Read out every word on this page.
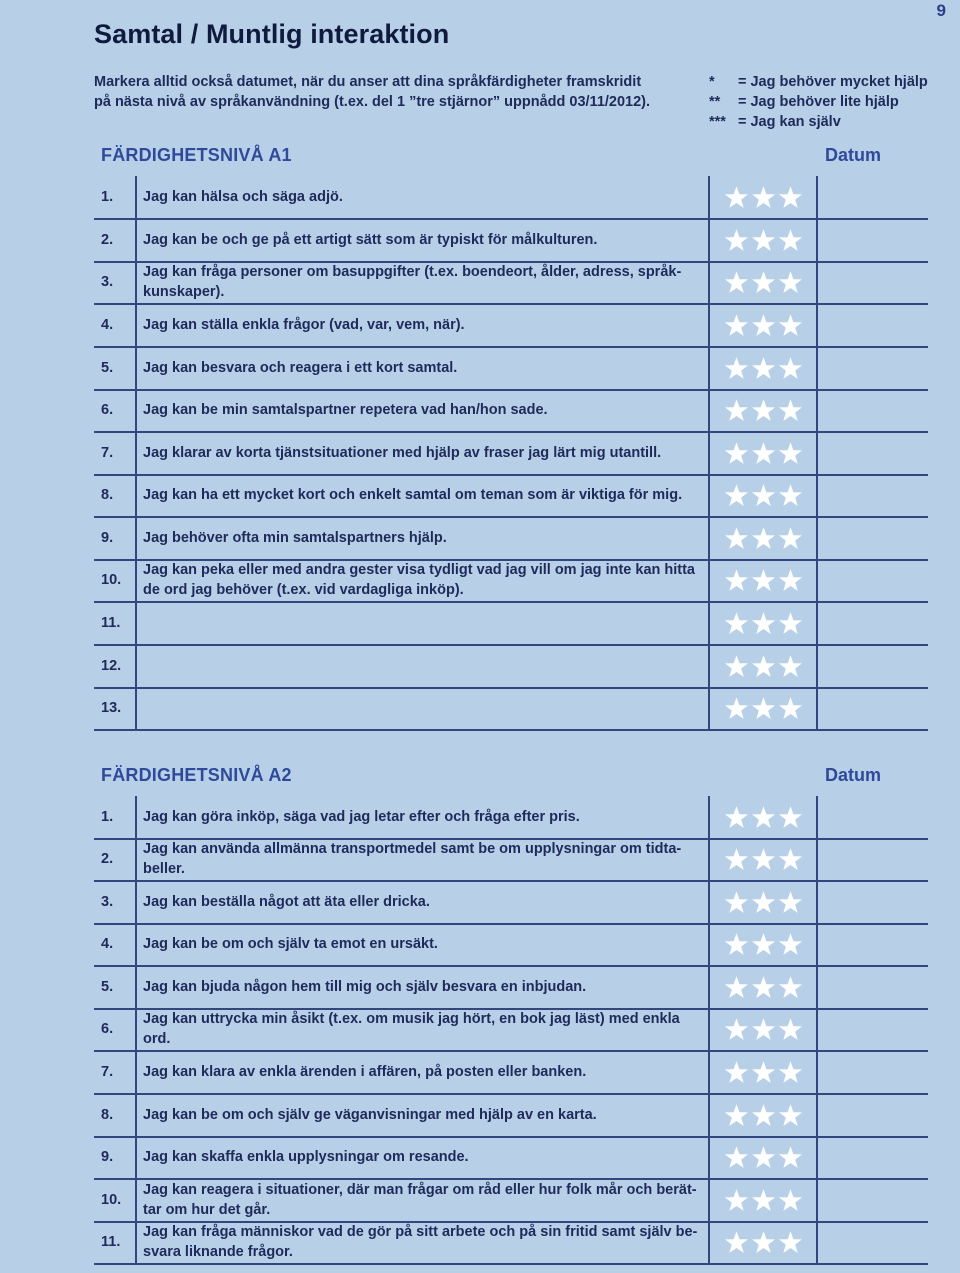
9
Samtal / Muntlig interaktion
Markera alltid också datumet, när du anser att dina språkfärdigheter framskridit
på nästa nivå av språkanvändning (t.ex. del 1 ”tre stjärnor” uppnådd 03/11/2012).
*	= Jag behöver mycket hjälp
**	= Jag behöver lite hjälp
*** = Jag kan själv
FÄRDIGHETSNIVÅ A1	Datum
1. Jag kan hälsa och säga adjö.
2. Jag kan be och ge på ett artigt sätt som är typiskt för målkulturen.
3.
Jag kan fråga personer om basuppgifter (t.ex. boendeort, ålder, adress, språk-kunskaper).
4. Jag kan ställa enkla frågor (vad, var, vem, när).
5. Jag kan besvara och reagera i ett kort samtal.
6. Jag kan be min samtalspartner repetera vad han/hon sade.
7. Jag klarar av korta tjänstsituationer med hjälp av fraser jag lärt mig utantill.
8. Jag kan ha ett mycket kort och enkelt samtal om teman som är viktiga för mig.
9. Jag behöver ofta min samtalspartners hjälp.
10.
Jag kan peka eller med andra gester visa tydligt vad jag vill om jag inte kan hitta de ord jag behöver (t.ex. vid vardagliga inköp).
11.
12.
13.
FÄRDIGHETSNIVÅ A2	Datum
1. Jag kan göra inköp, säga vad jag letar efter och fråga efter pris.
2.
Jag kan använda allmänna transportmedel samt be om upplysningar om tidta-beller.
3. Jag kan beställa något att äta eller dricka.
4. Jag kan be om och själv ta emot en ursäkt.
5. Jag kan bjuda någon hem till mig och själv besvara en inbjudan.
6.
Jag kan uttrycka min åsikt (t.ex. om musik jag hört, en bok jag läst) med enkla ord.
7. Jag kan klara av enkla ärenden i affären, på posten eller banken.
8. Jag kan be om och själv ge väganvisningar med hjälp av en karta.
9. Jag kan skaffa enkla upplysningar om resande.
10.
Jag kan reagera i situationer, där man frågar om råd eller hur folk mår och berät-tar om hur det går.
11.
Jag kan fråga människor vad de gör på sitt arbete och på sin fritid samt själv be-svara liknande frågor.
